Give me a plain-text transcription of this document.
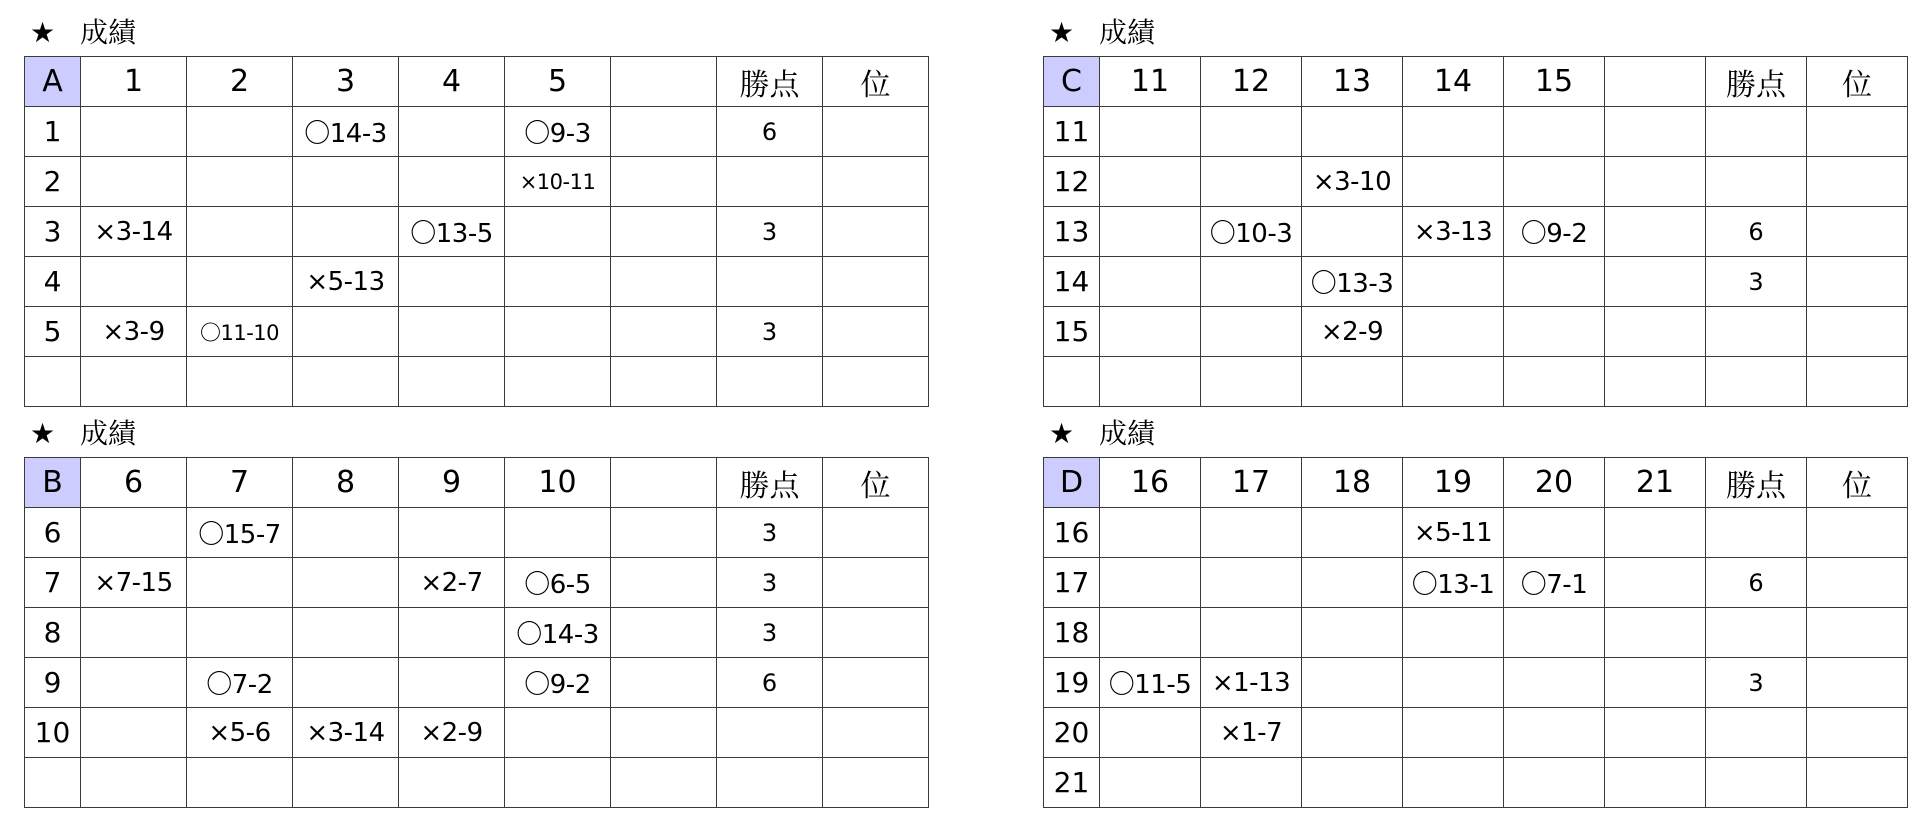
★ 成績
A	1	2	3	4	5		勝点	位
1			〇14-3		〇9-3		6	
2					×10-11			
3	×3-14			〇13-5			3	
4			×5-13					
5	×3-9	〇11-10					3	

★ 成績
B	6	7	8	9	10		勝点	位
6		〇15-7					3	
7	×7-15			×2-7	〇6-5		3	
8					〇14-3		3	
9		〇7-2			〇9-2		6	
10		×5-6	×3-14	×2-9				

★ 成績
C	11	12	13	14	15		勝点	位
11								
12			×3-10					
13		〇10-3		×3-13	〇9-2		6	
14			〇13-3				3	
15			×2-9					

★ 成績
D	16	17	18	19	20	21	勝点	位
16				×5-11				
17				〇13-1	〇7-1		6	
18								
19	〇11-5	×1-13					3	
20		×1-7						
21								
